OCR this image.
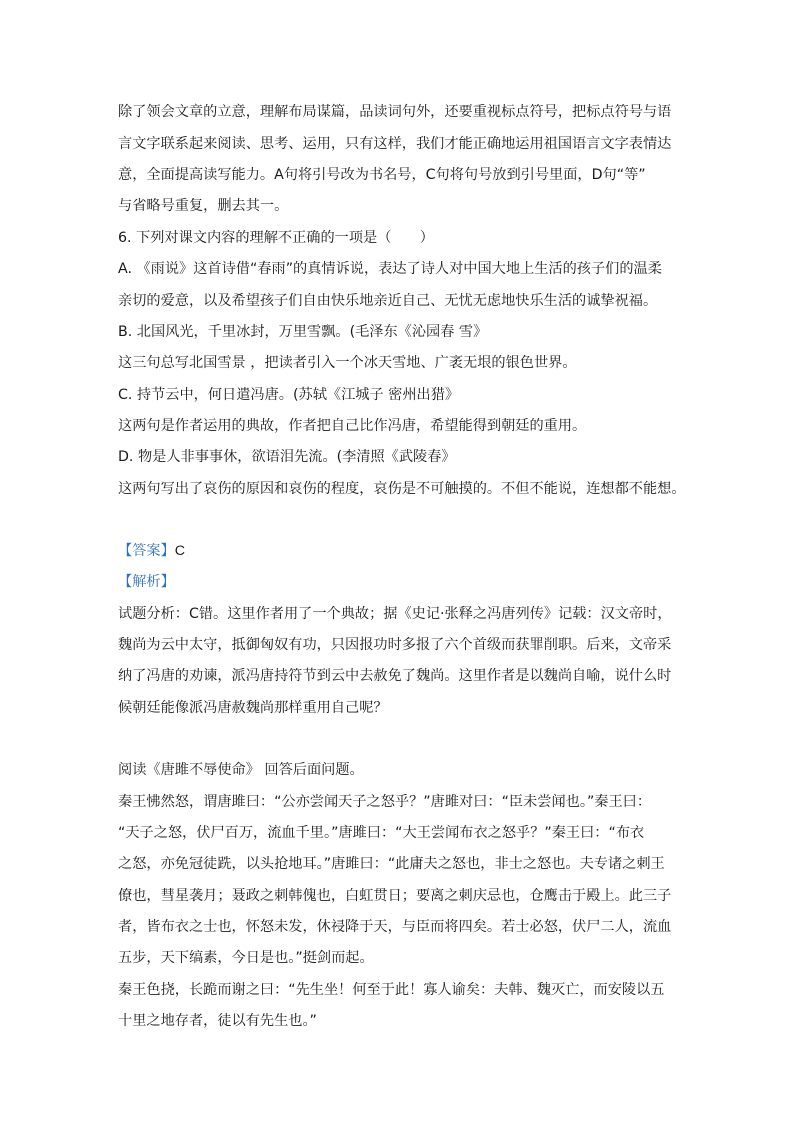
除了领会文章的立意，理解布局谋篇，品读词句外，还要重视标点符号，把标点符号与语
言文字联系起来阅读、思考、运用，只有这样，我们才能正确地运用祖国语言文字表情达
意，全面提高读写能力。A句将引号改为书名号，C句将句号放到引号里面，D句“等”
与省略号重复，删去其一。
6. 下列对课文内容的理解不正确的一项是（　　）
A. 《雨说》这首诗借“春雨”的真情诉说，表达了诗人对中国大地上生活的孩子们的温柔
亲切的爱意，以及希望孩子们自由快乐地亲近自己、无忧无虑地快乐生活的诚挚祝福。
B. 北国风光，千里冰封，万里雪飘。(毛泽东《沁园春 雪》
这三句总写北国雪景 ，把读者引入一个冰天雪地、广袤无垠的银色世界。
C. 持节云中，何日遣冯唐。(苏轼《江城子 密州出猎》
这两句是作者运用的典故，作者把自己比作冯唐，希望能得到朝廷的重用。
D. 物是人非事事休，欲语泪先流。(李清照《武陵春》
这两句写出了哀伤的原因和哀伤的程度，哀伤是不可触摸的。不但不能说，连想都不能想。
【答案】C
【解析】
试题分析：C错。这里作者用了一个典故；据《史记·张释之冯唐列传》记载：汉文帝时，
魏尚为云中太守，抵御匈奴有功，只因报功时多报了六个首级而获罪削职。后来，文帝采
纳了冯唐的劝谏，派冯唐持符节到云中去赦免了魏尚。这里作者是以魏尚自喻，说什么时
候朝廷能像派冯唐赦魏尚那样重用自己呢？
阅读《唐雎不辱使命》 回答后面问题。
秦王怫然怒，谓唐雎曰：“公亦尝闻天子之怒乎？”唐雎对曰：“臣未尝闻也。”秦王曰：
“天子之怒，伏尸百万，流血千里。”唐雎曰：“大王尝闻布衣之怒乎？”秦王曰：“布衣
之怒，亦免冠徒跣，以头抢地耳。”唐雎曰：“此庸夫之怒也，非士之怒也。夫专诸之刺王
僚也，彗星袭月；聂政之刺韩傀也，白虹贯日；要离之刺庆忌也，仓鹰击于殿上。此三子
者，皆布衣之士也，怀怒未发，休祲降于天，与臣而将四矣。若士必怒，伏尸二人，流血
五步，天下缟素，今日是也。”挺剑而起。
秦王色挠，长跪而谢之曰：“先生坐！何至于此！寡人谕矣：夫韩、魏灭亡，而安陵以五
十里之地存者，徒以有先生也。”
